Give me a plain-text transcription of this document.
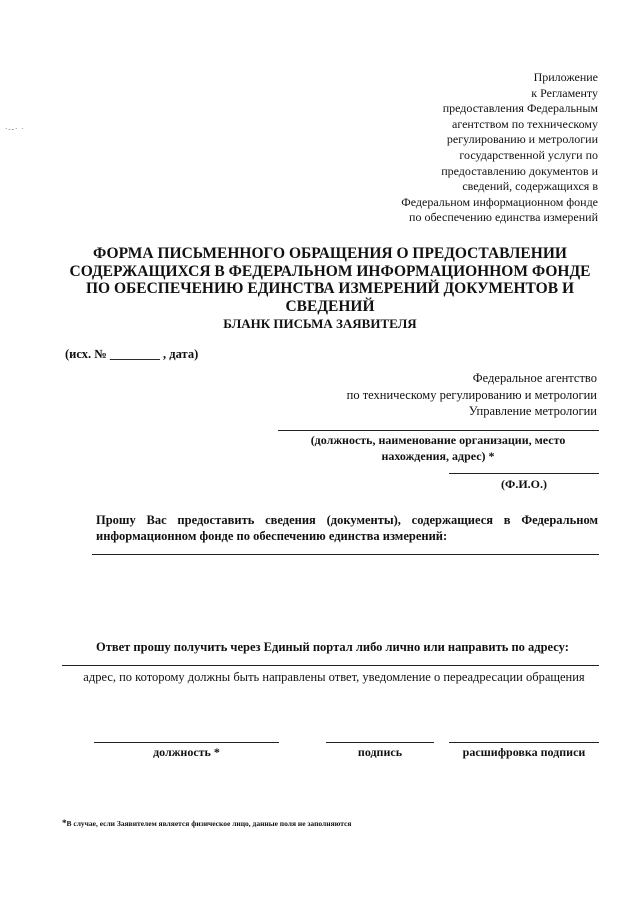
·‐‐· ·
Приложение
к Регламенту
предоставления Федеральным
агентством по техническому
регулированию и метрологии
государственной услуги по
предоставлению документов и
сведений, содержащихся в
Федеральном информационном фонде
по обеспечению единства измерений
ФОРМА ПИСЬМЕННОГО ОБРАЩЕНИЯ О ПРЕДОСТАВЛЕНИИ
СОДЕРЖАЩИХСЯ В ФЕДЕРАЛЬНОМ ИНФОРМАЦИОННОМ ФОНДЕ
ПО ОБЕСПЕЧЕНИЮ ЕДИНСТВА ИЗМЕРЕНИЙ ДОКУМЕНТОВ И СВЕДЕНИЙ
БЛАНК ПИСЬМА ЗАЯВИТЕЛЯ
(исх. № ________ , дата)
Федеральное агентство
по техническому регулированию и метрологии
Управление метрологии
(должность, наименование организации, место
нахождения, адрес) *
(Ф.И.О.)
Прошу Вас предоставить сведения (документы), содержащиеся в Федеральном информационном фонде по обеспечению единства измерений:
Ответ прошу получить через Единый портал либо лично или направить по адресу:
адрес, по которому должны быть направлены ответ, уведомление о переадресации обращения
должность *	подпись	расшифровка подписи
*В случае, если Заявителем является физическое лицо, данные поля не заполняются
